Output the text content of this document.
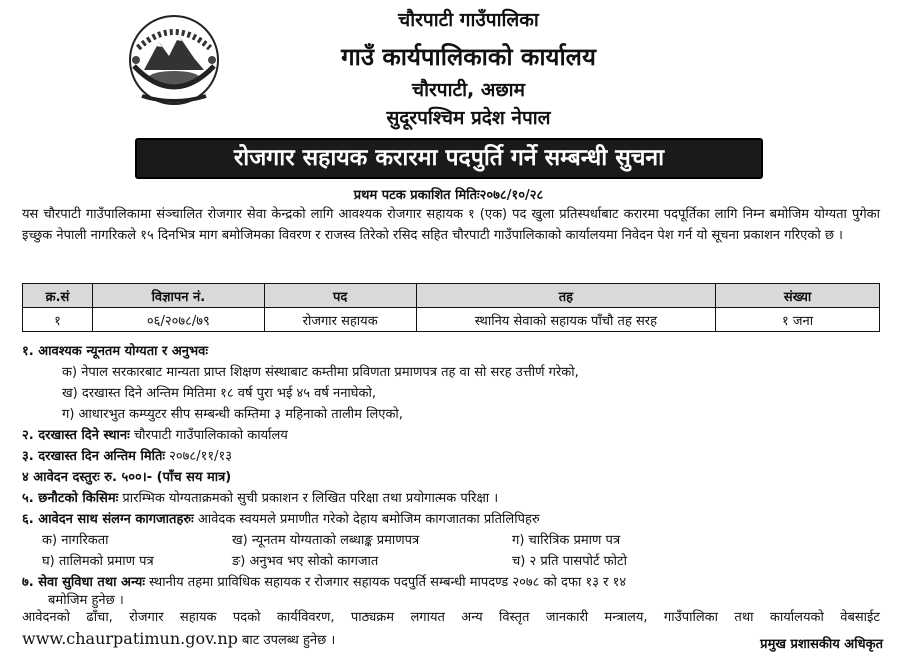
चौरपाटी गाउँपालिका
गाउँ कार्यपालिकाको कार्यालय
चौरपाटी, अछाम
सुदूरपश्चिम प्रदेश नेपाल
रोजगार सहायक करारमा पदपुर्ति गर्ने सम्बन्धी सुचना
प्रथम पटक प्रकाशित मितिः२०७८/१०/२८
यस चौरपाटी गाउँपालिकामा संञ्चालित रोजगार सेवा केन्द्रको लागि आवश्यक रोजगार सहायक १ (एक) पद खुला प्रतिस्पर्धाबाट करारमा पदपूर्तिका लागि निम्न बमोजिम योग्यता पुगेका इच्छुक नेपाली नागरिकले १५ दिनभित्र माग बमोजिमका विवरण र राजस्व तिरेको रसिद सहित चौरपाटी गाउँपालिकाको कार्यालयमा निवेदन पेश गर्न यो सूचना प्रकाशन गरिएको छ ।
क्र.सं	विज्ञापन नं.	पद	तह	संख्या
१	०६/२०७८/७९	रोजगार सहायक	स्थानिय सेवाको सहायक पाँचौ तह सरह	१ जना
१. आवश्यक न्यूनतम योग्यता र अनुभवः
क) नेपाल सरकारबाट मान्यता प्राप्त शिक्षण संस्थाबाट कम्तीमा प्रविणता प्रमाणपत्र तह वा सो सरह उत्तीर्ण गरेको,
ख) दरखास्त दिने अन्तिम मितिमा १८ वर्ष पुरा भई ४५ वर्ष ननाघेको,
ग) आधारभुत कम्प्युटर सीप सम्बन्धी कम्तिमा ३ महिनाको तालीम लिएको,
२. दरखास्त दिने स्थानः चौरपाटी गाउँपालिकाको कार्यालय
३. दरखास्त दिन अन्तिम मितिः २०७८/११/१३
४ आवेदन दस्तुरः रु. ५००।- (पाँच सय मात्र)
५. छनौटको किसिमः प्रारम्भिक योग्यताक्रमको सुची प्रकाशन र लिखित परिक्षा तथा प्रयोगात्मक परिक्षा ।
६. आवेदन साथ संलग्न कागजातहरुः आवेदक स्वयमले प्रमाणीत गरेको देहाय बमोजिम कागजातका प्रतिलिपिहरु
क) नागरिकता	ख) न्यूनतम योग्यताको लब्धाङ्क प्रमाणपत्र	ग) चारित्रिक प्रमाण पत्र
घ) तालिमको प्रमाण पत्र	ङ) अनुभव भए सोको कागजात	च) २ प्रति पासपोर्ट फोटो
७. सेवा सुविधा तथा अन्यः स्थानीय तहमा प्राविधिक सहायक र रोजगार सहायक पदपुर्ति सम्बन्धी मापदण्ड २०७८ को दफा १३ र १४
बमोजिम हुनेछ ।
आवेदनको ढाँचा, रोजगार सहायक पदको कार्यविवरण, पाठ्यक्रम लगायत अन्य विस्तृत जानकारी मन्त्रालय, गाउँपालिका तथा कार्यालयको वेबसाईट www.chaurpatimun.gov.np बाट उपलब्ध हुनेछ ।	प्रमुख प्रशासकीय अधिकृत
